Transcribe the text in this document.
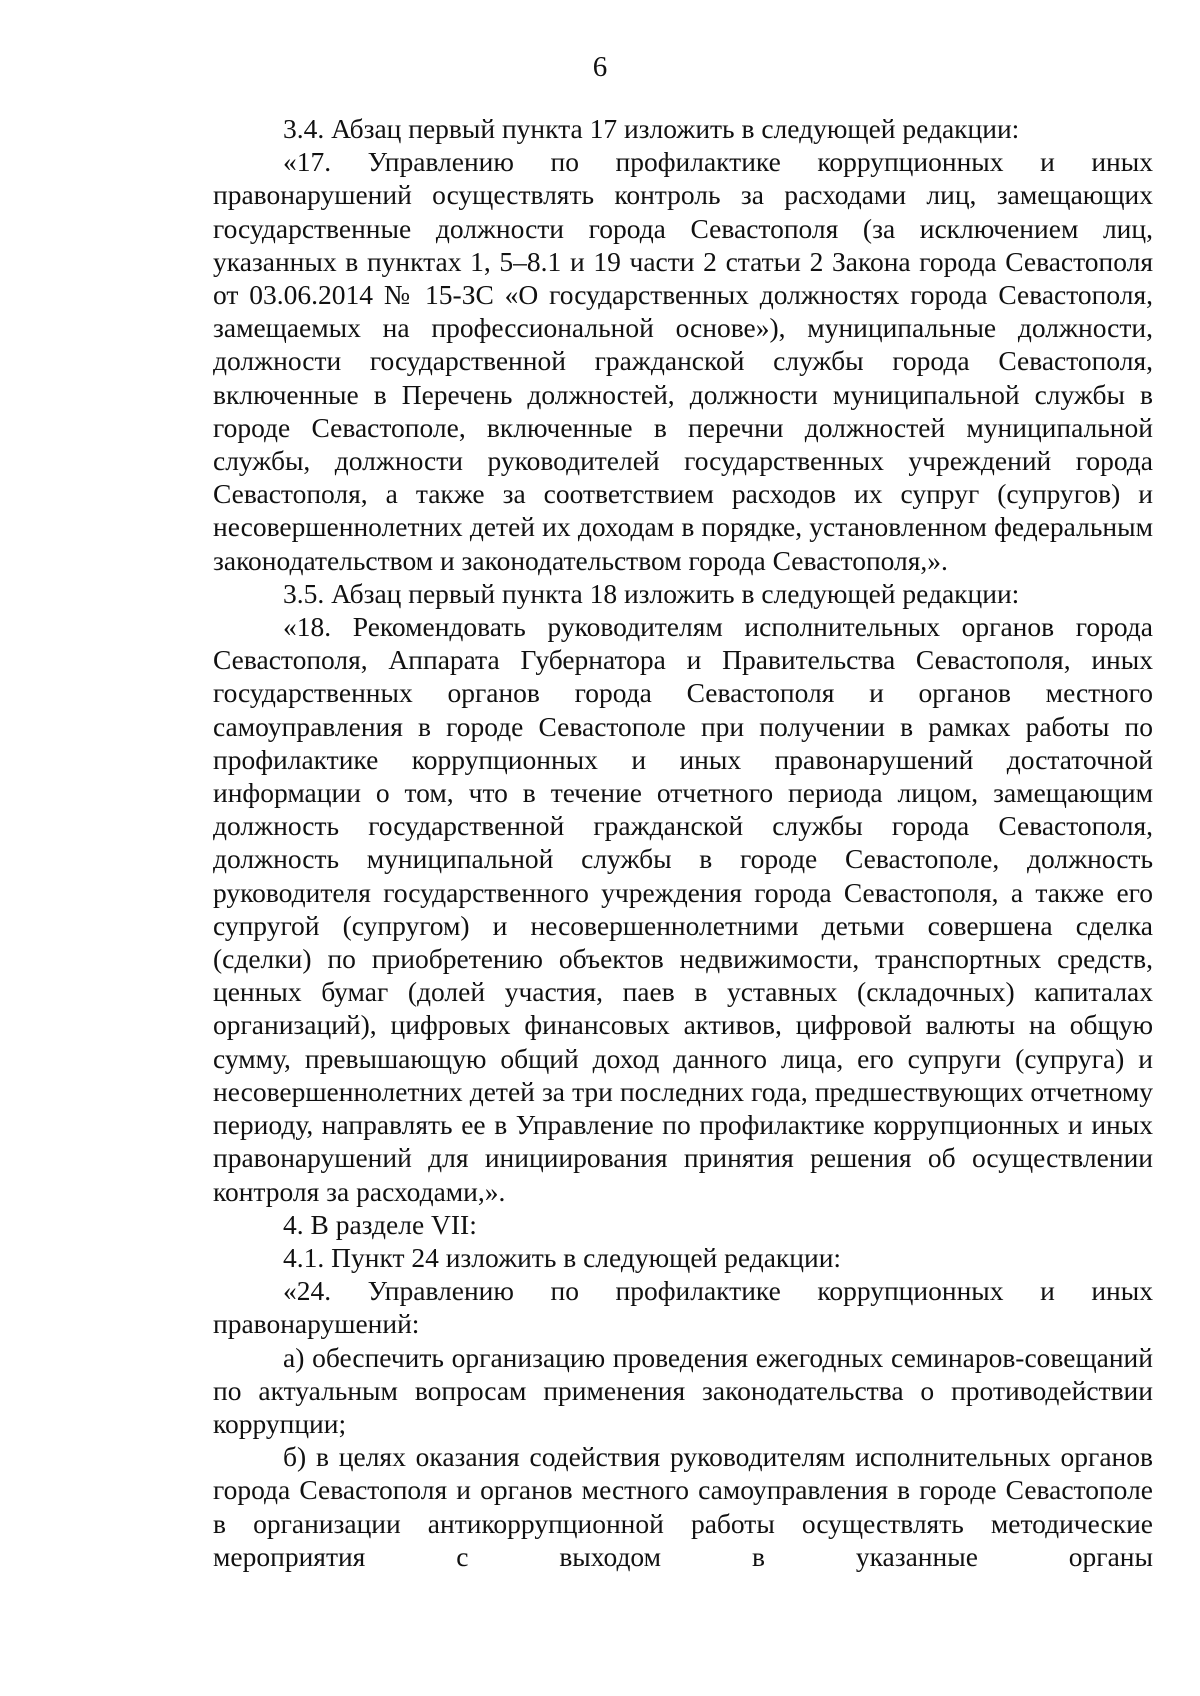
6

3.4. Абзац первый пункта 17 изложить в следующей редакции:

«17. Управлению по профилактике коррупционных и иных правонарушений осуществлять контроль за расходами лиц, замещающих государственные должности города Севастополя (за исключением лиц, указанных в пунктах 1, 5–8.1 и 19 части 2 статьи 2 Закона города Севастополя от 03.06.2014 № 15-ЗС «О государственных должностях города Севастополя, замещаемых на профессиональной основе»), муниципальные должности, должности государственной гражданской службы города Севастополя, включенные в Перечень должностей, должности муниципальной службы в городе Севастополе, включенные в перечни должностей муниципальной службы, должности руководителей государственных учреждений города Севастополя, а также за соответствием расходов их супруг (супругов) и несовершеннолетних детей их доходам в порядке, установленном федеральным законодательством и законодательством города Севастополя,».

3.5. Абзац первый пункта 18 изложить в следующей редакции:

«18. Рекомендовать руководителям исполнительных органов города Севастополя, Аппарата Губернатора и Правительства Севастополя, иных государственных органов города Севастополя и органов местного самоуправления в городе Севастополе при получении в рамках работы по профилактике коррупционных и иных правонарушений достаточной информации о том, что в течение отчетного периода лицом, замещающим должность государственной гражданской службы города Севастополя, должность муниципальной службы в городе Севастополе, должность руководителя государственного учреждения города Севастополя, а также его супругой (супругом) и несовершеннолетними детьми совершена сделка (сделки) по приобретению объектов недвижимости, транспортных средств, ценных бумаг (долей участия, паев в уставных (складочных) капиталах организаций), цифровых финансовых активов, цифровой валюты на общую сумму, превышающую общий доход данного лица, его супруги (супруга) и несовершеннолетних детей за три последних года, предшествующих отчетному периоду, направлять ее в Управление по профилактике коррупционных и иных правонарушений для инициирования принятия решения об осуществлении контроля за расходами,».

4. В разделе VII:

4.1. Пункт 24 изложить в следующей редакции:

«24. Управлению по профилактике коррупционных и иных правонарушений:

а) обеспечить организацию проведения ежегодных семинаров-совещаний по актуальным вопросам применения законодательства о противодействии коррупции;

б) в целях оказания содействия руководителям исполнительных органов города Севастополя и органов местного самоуправления в городе Севастополе в организации антикоррупционной работы осуществлять методические мероприятия с выходом в указанные органы
